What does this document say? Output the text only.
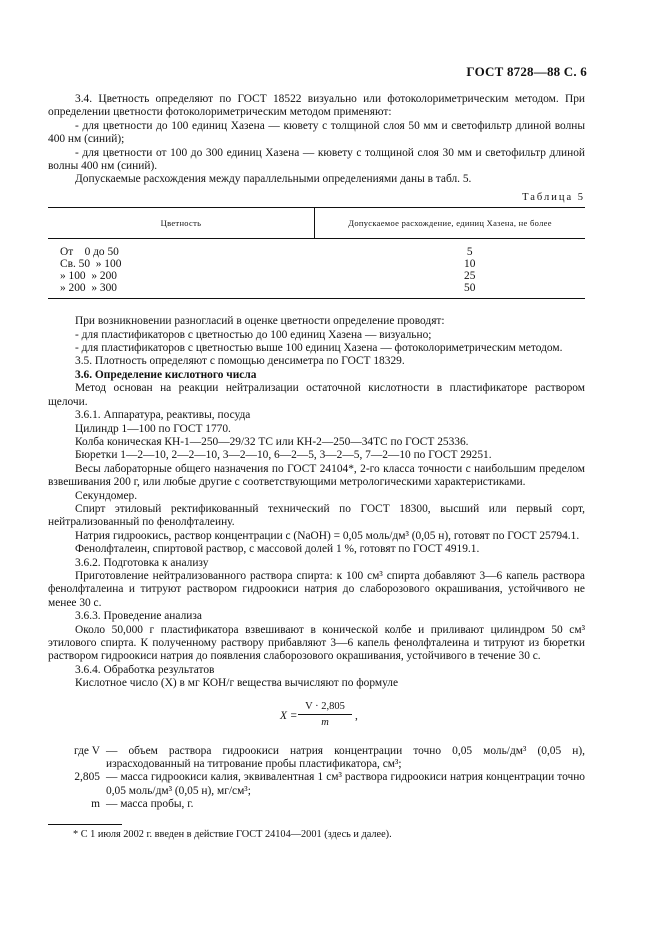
ГОСТ 8728—88 С. 6

3.4. Цветность определяют по ГОСТ 18522 визуально или фотоколориметрическим методом. При определении цветности фотоколориметрическим методом применяют:

- для цветности до 100 единиц Хазена — кювету с толщиной слоя 50 мм и светофильтр длиной волны 400 нм (синий);

- для цветности от 100 до 300 единиц Хазена — кювету с толщиной слоя 30 мм и светофильтр длиной волны 400 нм (синий).

Допускаемые расхождения между параллельными определениями даны в табл. 5.

Таблица 5
Цветность	Допускаемое расхождение, единиц Хазена, не более
От    0 до 50	5
Св. 50  » 100	10
» 100  » 200	25
» 200  » 300	50

При возникновении разногласий в оценке цветности определение проводят:

- для пластификаторов с цветностью до 100 единиц Хазена — визуально;

- для пластификаторов с цветностью выше 100 единиц Хазена — фотоколориметрическим методом.

3.5. Плотность определяют с помощью денсиметра по ГОСТ 18329.

3.6. Определение кислотного числа

Метод основан на реакции нейтрализации остаточной кислотности в пластификаторе раствором щелочи.

3.6.1. Аппаратура, реактивы, посуда

Цилиндр 1—100 по ГОСТ 1770.

Колба коническая КН-1—250—29/32 ТС или КН-2—250—34ТС по ГОСТ 25336.

Бюретки 1—2—10, 2—2—10, 3—2—10, 6—2—5, 3—2—5, 7—2—10 по ГОСТ 29251.

Весы лабораторные общего назначения по ГОСТ 24104*, 2-го класса точности с наибольшим пределом взвешивания 200 г, или любые другие с соответствующими метрологическими характеристиками.

Секундомер.

Спирт этиловый ректификованный технический по ГОСТ 18300, высший или первый сорт, нейтрализованный по фенолфталеину.

Натрия гидроокись, раствор концентрации c (NaOH) = 0,05 моль/дм³ (0,05 н), готовят по ГОСТ 25794.1.

Фенолфталеин, спиртовой раствор, с массовой долей 1 %, готовят по ГОСТ 4919.1.

3.6.2. Подготовка к анализу

Приготовление нейтрализованного раствора спирта: к 100 см³ спирта добавляют 3—6 капель раствора фенолфталеина и титруют раствором гидроокиси натрия до слаборозового окрашивания, устойчивого не менее 30 с.

3.6.3. Проведение анализа

Около 50,000 г пластификатора взвешивают в конической колбе и приливают цилиндром 50 см³ этилового спирта. К полученному раствору прибавляют 3—6 капель фенолфталеина и титруют из бюретки раствором гидроокиси натрия до появления слаборозового окрашивания, устойчивого в течение 30 с.

3.6.4. Обработка результатов

Кислотное число (X) в мг КОН/г вещества вычисляют по формуле

$X = \frac{V \cdot 2,805}{m}$ ,
где V — объем раствора гидроокиси натрия концентрации точно 0,05 моль/дм³ (0,05 н), израсходованный на титрование пробы пластификатора, см³;
2,805 — масса гидроокиси калия, эквивалентная 1 см³ раствора гидроокиси натрия концентрации точно 0,05 моль/дм³ (0,05 н), мг/см³;
m — масса пробы, г.
* С 1 июля 2002 г. введен в действие ГОСТ 24104—2001 (здесь и далее).
